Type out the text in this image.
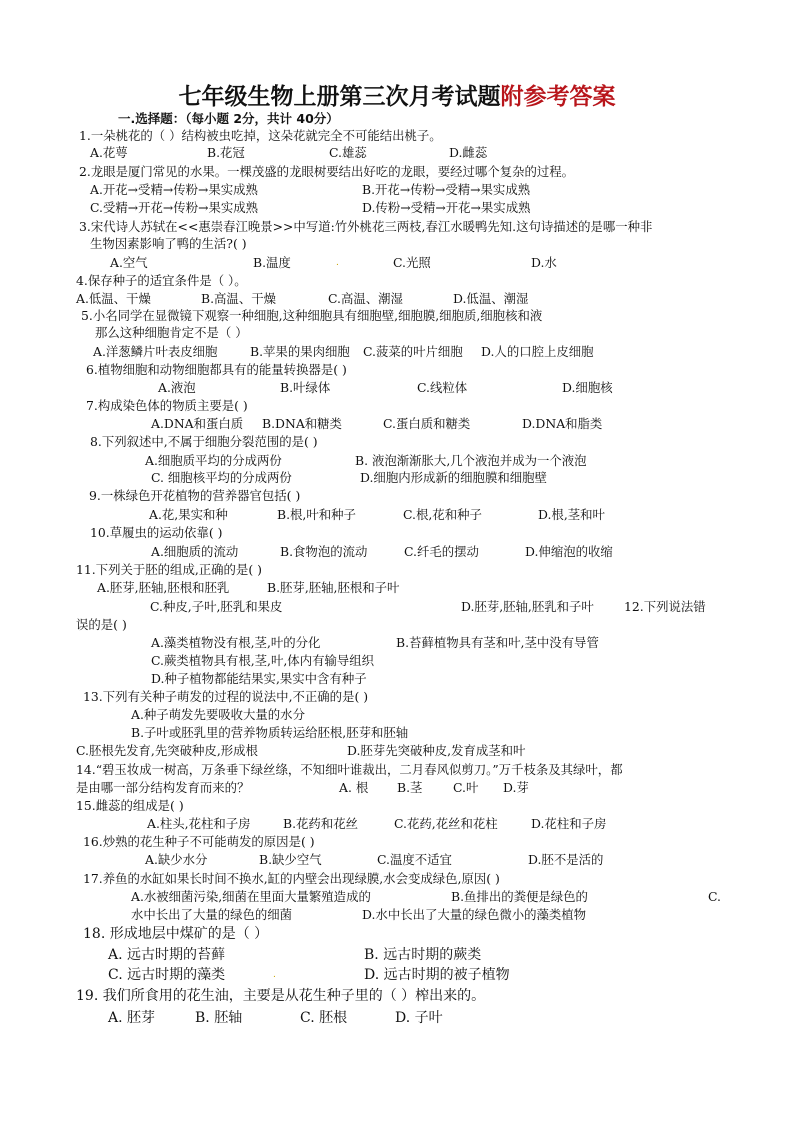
七年级生物上册第三次月考试题附参考答案
一.选择题：（每小题 2分，共计 40分）
1.一朵桃花的（ ）结构被虫吃掉，这朵花就完全不可能结出桃子。
A.花萼	B.花冠	C.雄蕊	D.雌蕊
2.龙眼是厦门常见的水果。一棵茂盛的龙眼树要结出好吃的龙眼，要经过哪个复杂的过程。
A.开花→受精→传粉→果实成熟	B.开花→传粉→受精→果实成熟
C.受精→开花→传粉→果实成熟	D.传粉→受精→开花→果实成熟
3.宋代诗人苏轼在<<惠崇春江晚景>>中写道:竹外桃花三两枝,春江水暖鸭先知.这句诗描述的是哪一种非
生物因素影响了鸭的生活?( )
A.空气	B.温度	C.光照	D.水
.
4.保存种子的适宜条件是（ ）。
A.低温、干燥	B.高温、干燥	C.高温、潮湿	D.低温、潮湿
5.小名同学在显微镜下观察一种细胞,这种细胞具有细胞壁,细胞膜,细胞质,细胞核和液
那么这种细胞肯定不是（ ）
A.洋葱鳞片叶表皮细胞	B.苹果的果肉细胞 C.菠菜的叶片细胞 D.人的口腔上皮细胞
6.植物细胞和动物细胞都具有的能量转换器是( )
A.液泡	B.叶绿体	C.线粒体	D.细胞核
7.构成染色体的物质主要是( )
A.DNA和蛋白质 B.DNA和糖类	C.蛋白质和糖类	D.DNA和脂类
8.下列叙述中,不属于细胞分裂范围的是( )
A.细胞质平均的分成两份	B. 液泡渐渐胀大,几个液泡并成为一个液泡
C. 细胞核平均的分成两份	D.细胞内形成新的细胞膜和细胞壁
9.一株绿色开花植物的营养器官包括( )
A.花,果实和种	B.根,叶和种子	C.根,花和种子	D.根,茎和叶
10.草履虫的运动依靠( )
A.细胞质的流动	B.食物泡的流动	C.纤毛的摆动	D.伸缩泡的收缩
11.下列关于胚的组成,正确的是( )
A.胚芽,胚轴,胚根和胚乳	B.胚芽,胚轴,胚根和子叶
C.种皮,子叶,胚乳和果皮	D.胚芽,胚轴,胚乳和子叶 12.下列说法错
误的是( )
A.藻类植物没有根,茎,叶的分化	B.苔藓植物具有茎和叶,茎中没有导管
C.蕨类植物具有根,茎,叶,体内有输导组织
D.种子植物都能结果实,果实中含有种子
13.下列有关种子萌发的过程的说法中,不正确的是( )
A.种子萌发先要吸收大量的水分
B.子叶或胚乳里的营养物质转运给胚根,胚芽和胚轴
C.胚根先发育,先突破种皮,形成根	D.胚芽先突破种皮,发育成茎和叶
14.“碧玉妆成一树高，万条垂下绿丝绦，不知细叶谁裁出，二月春风似剪刀。”万千枝条及其绿叶，都
是由哪一部分结构发育而来的？	A. 根 B.茎 C.叶 D.芽
15.雌蕊的组成是( )
A.柱头,花柱和子房	B.花药和花丝	C.花药,花丝和花柱	D.花柱和子房
16.炒熟的花生种子不可能萌发的原因是( )
A.缺少水分	B.缺少空气	C.温度不适宜	D.胚不是活的
17.养鱼的水缸如果长时间不换水,缸的内壁会出现绿膜,水会变成绿色,原因( )
A.水被细菌污染,细菌在里面大量繁殖造成的	B.鱼排出的粪便是绿色的	C.
水中长出了大量的绿色的细菌	D.水中长出了大量的绿色微小的藻类植物
18. 形成地层中煤矿的是（ ）
A. 远古时期的苔藓	B. 远古时期的蕨类
C. 远古时期的藻类	D. 远古时期的被子植物
.
19. 我们所食用的花生油，主要是从花生种子里的（ ）榨出来的。
A. 胚芽	B. 胚轴	C. 胚根	D. 子叶
